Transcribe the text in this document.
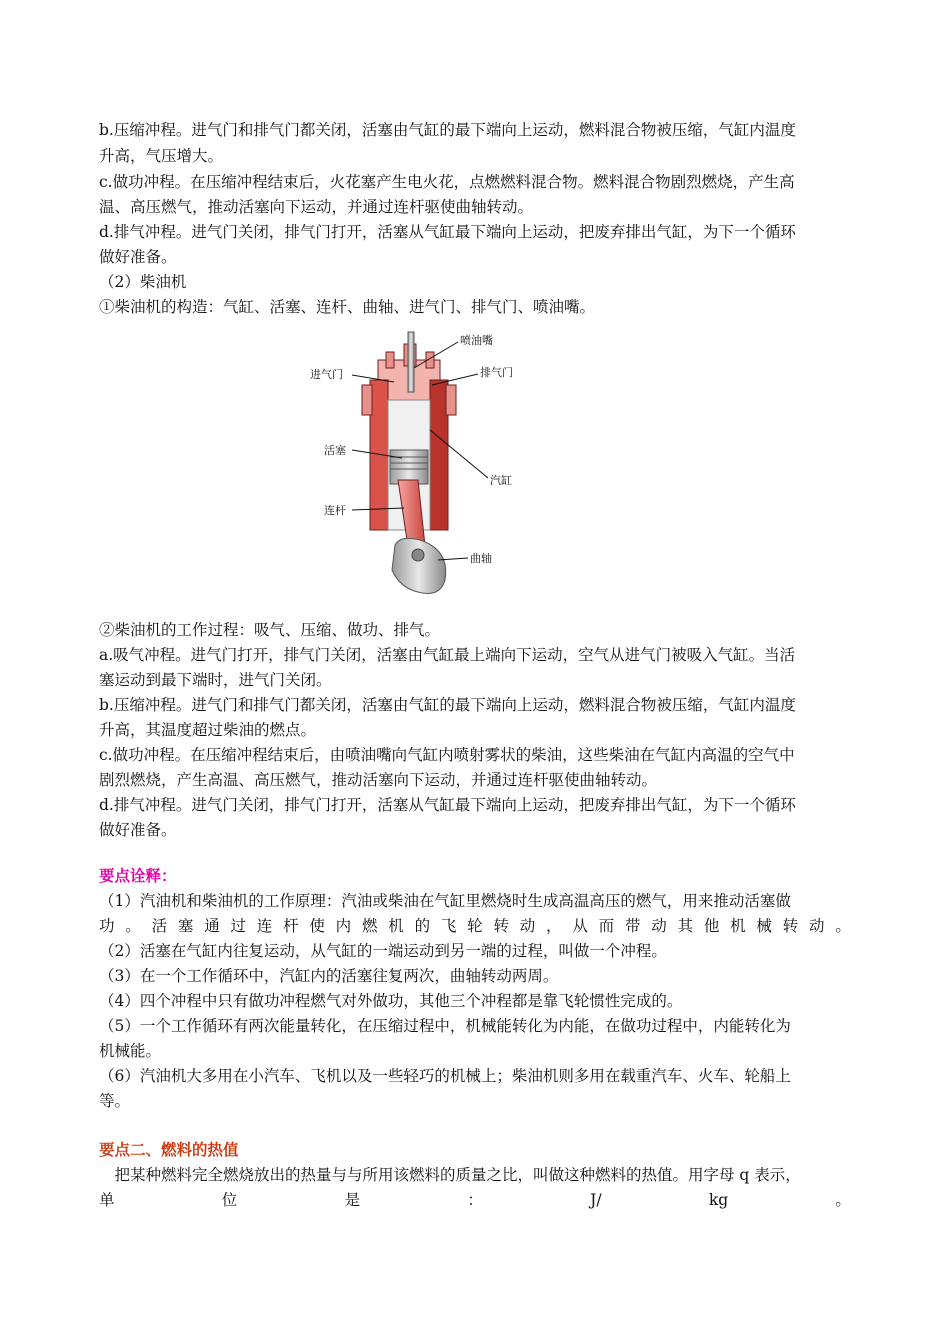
b.压缩冲程。进气门和排气门都关闭，活塞由气缸的最下端向上运动，燃料混合物被压缩，气缸内温度
升高，气压增大。
c.做功冲程。在压缩冲程结束后，火花塞产生电火花，点燃燃料混合物。燃料混合物剧烈燃烧，产生高
温、高压燃气，推动活塞向下运动，并通过连杆驱使曲轴转动。
d.排气冲程。进气门关闭，排气门打开，活塞从气缸最下端向上运动，把废弃排出气缸，为下一个循环
做好准备。
（2）柴油机
①柴油机的构造：气缸、活塞、连杆、曲轴、进气门、排气门、喷油嘴。
喷油嘴
进气门	排气门
活塞
汽缸
连杆
曲轴
②柴油机的工作过程：吸气、压缩、做功、排气。
a.吸气冲程。进气门打开，排气门关闭，活塞由气缸最上端向下运动，空气从进气门被吸入气缸。当活
塞运动到最下端时，进气门关闭。
b.压缩冲程。进气门和排气门都关闭，活塞由气缸的最下端向上运动，燃料混合物被压缩，气缸内温度
升高，其温度超过柴油的燃点。
c.做功冲程。在压缩冲程结束后，由喷油嘴向气缸内喷射雾状的柴油，这些柴油在气缸内高温的空气中
剧烈燃烧，产生高温、高压燃气，推动活塞向下运动，并通过连杆驱使曲轴转动。
d.排气冲程。进气门关闭，排气门打开，活塞从气缸最下端向上运动，把废弃排出气缸，为下一个循环
做好准备。
要点诠释：
（1）汽油机和柴油机的工作原理：汽油或柴油在气缸里燃烧时生成高温高压的燃气，用来推动活塞做
功 。 活 塞 通 过 连 杆 使 内 燃 机 的 飞 轮 转 动 ， 从 而 带 动 其 他 机 械 转 动 。
（2）活塞在气缸内往复运动，从气缸的一端运动到另一端的过程，叫做一个冲程。
（3）在一个工作循环中，汽缸内的活塞往复两次，曲轴转动两周。
（4）四个冲程中只有做功冲程燃气对外做功，其他三个冲程都是靠飞轮惯性完成的。
（5）一个工作循环有两次能量转化，在压缩过程中，机械能转化为内能，在做功过程中，内能转化为
机械能。
（6）汽油机大多用在小汽车、飞机以及一些轻巧的机械上；柴油机则多用在载重汽车、火车、轮船上
等。
要点二、燃料的热值
　把某种燃料完全燃烧放出的热量与与所用该燃料的质量之比，叫做这种燃料的热值。用字母 q 表示，
单	位	是	：	J/	kg	。
